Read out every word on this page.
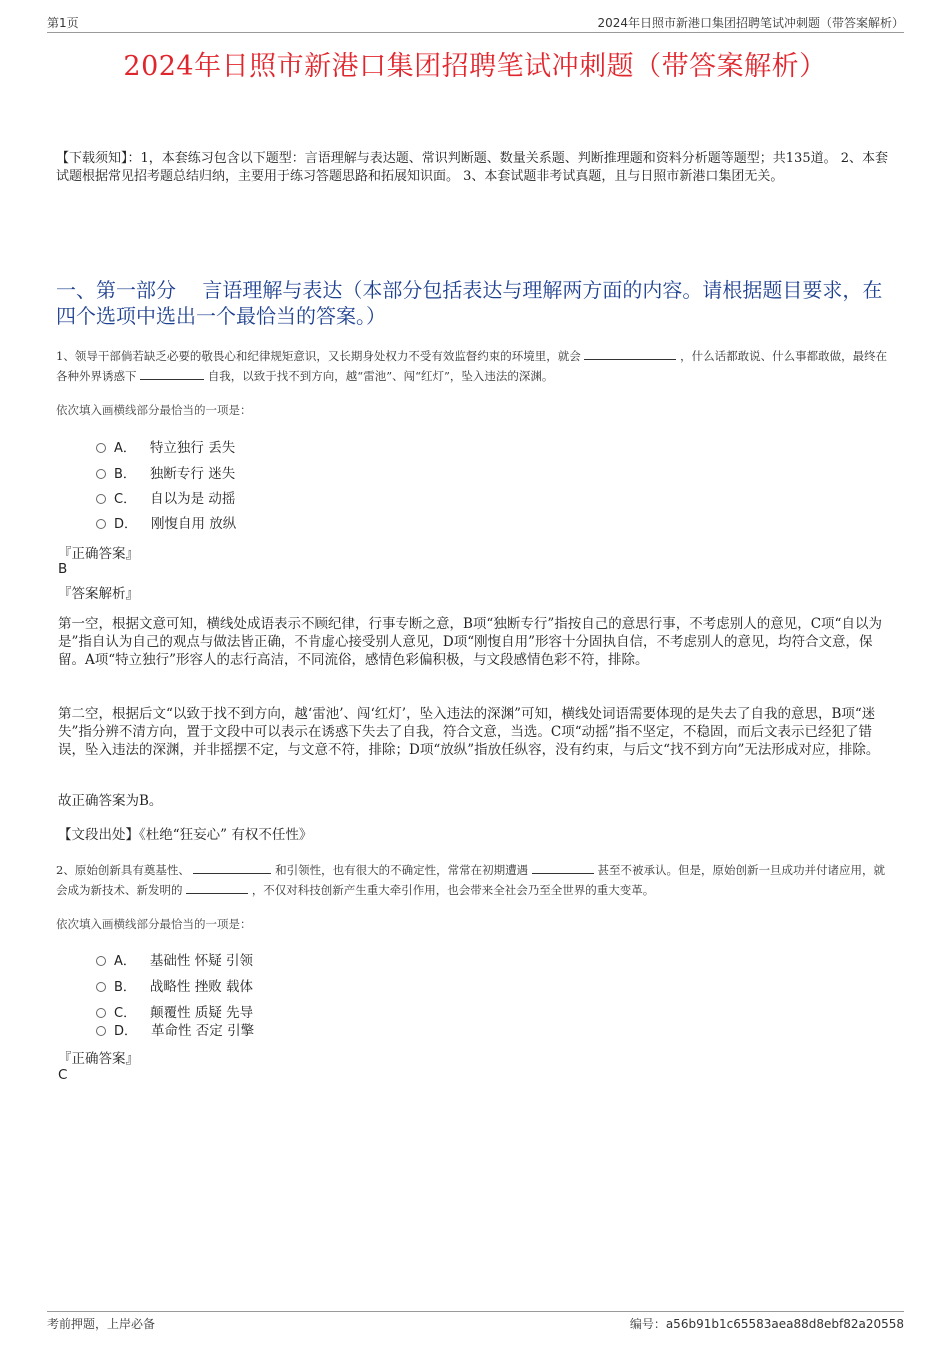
第1页	2024年日照市新港口集团招聘笔试冲刺题（带答案解析）
2024年日照市新港口集团招聘笔试冲刺题（带答案解析）
【下载须知】：1，本套练习包含以下题型：言语理解与表达题、常识判断题、数量关系题、判断推理题和资料分析题等题型；共135道。 2、本套试题根据常见招考题总结归纳，主要用于练习答题思路和拓展知识面。 3、本套试题非考试真题，且与日照市新港口集团无关。
一、第一部分　 言语理解与表达（本部分包括表达与理解两方面的内容。请根据题目要求，在四个选项中选出一个最恰当的答案。）
1、领导干部倘若缺乏必要的敬畏心和纪律规矩意识，又长期身处权力不受有效监督约束的环境里，就会	，什么话都敢说、什么事都敢做，最终在各种外界诱惑下	自我，以致于找不到方向，越“雷池”、闯“红灯”，坠入违法的深渊。
依次填入画横线部分最恰当的一项是：
A． 特立独行 丢失
B． 独断专行 迷失
C． 自以为是 动摇
D． 刚愎自用 放纵
『正确答案』
B
『答案解析』
第一空，根据文意可知，横线处成语表示不顾纪律，行事专断之意，B项“独断专行”指按自己的意思行事，不考虑别人的意见，C项“自以为是”指自认为自己的观点与做法皆正确，不肯虚心接受别人意见，D项“刚愎自用”形容十分固执自信，不考虑别人的意见，均符合文意，保留。A项“特立独行”形容人的志行高洁，不同流俗，感情色彩偏积极，与文段感情色彩不符，排除。
第二空，根据后文“以致于找不到方向，越‘雷池’、闯‘红灯’，坠入违法的深渊”可知，横线处词语需要体现的是失去了自我的意思，B项“迷失”指分辨不清方向，置于文段中可以表示在诱惑下失去了自我，符合文意，当选。C项“动摇”指不坚定，不稳固，而后文表示已经犯了错误，坠入违法的深渊，并非摇摆不定，与文意不符，排除；D项“放纵”指放任纵容，没有约束，与后文“找不到方向”无法形成对应，排除。
故正确答案为B。
【文段出处】《杜绝“狂妄心” 有权不任性》
2、原始创新具有奠基性、	和引领性，也有很大的不确定性，常常在初期遭遇	甚至不被承认。但是，原始创新一旦成功并付诸应用，就会成为新技术、新发明的	，不仅对科技创新产生重大牵引作用，也会带来全社会乃至全世界的重大变革。
依次填入画横线部分最恰当的一项是：
A． 基础性 怀疑 引领
B． 战略性 挫败 载体
C． 颠覆性 质疑 先导
D． 革命性 否定 引擎
『正确答案』
C
考前押题，上岸必备	编号：a56b91b1c65583aea88d8ebf82a20558
